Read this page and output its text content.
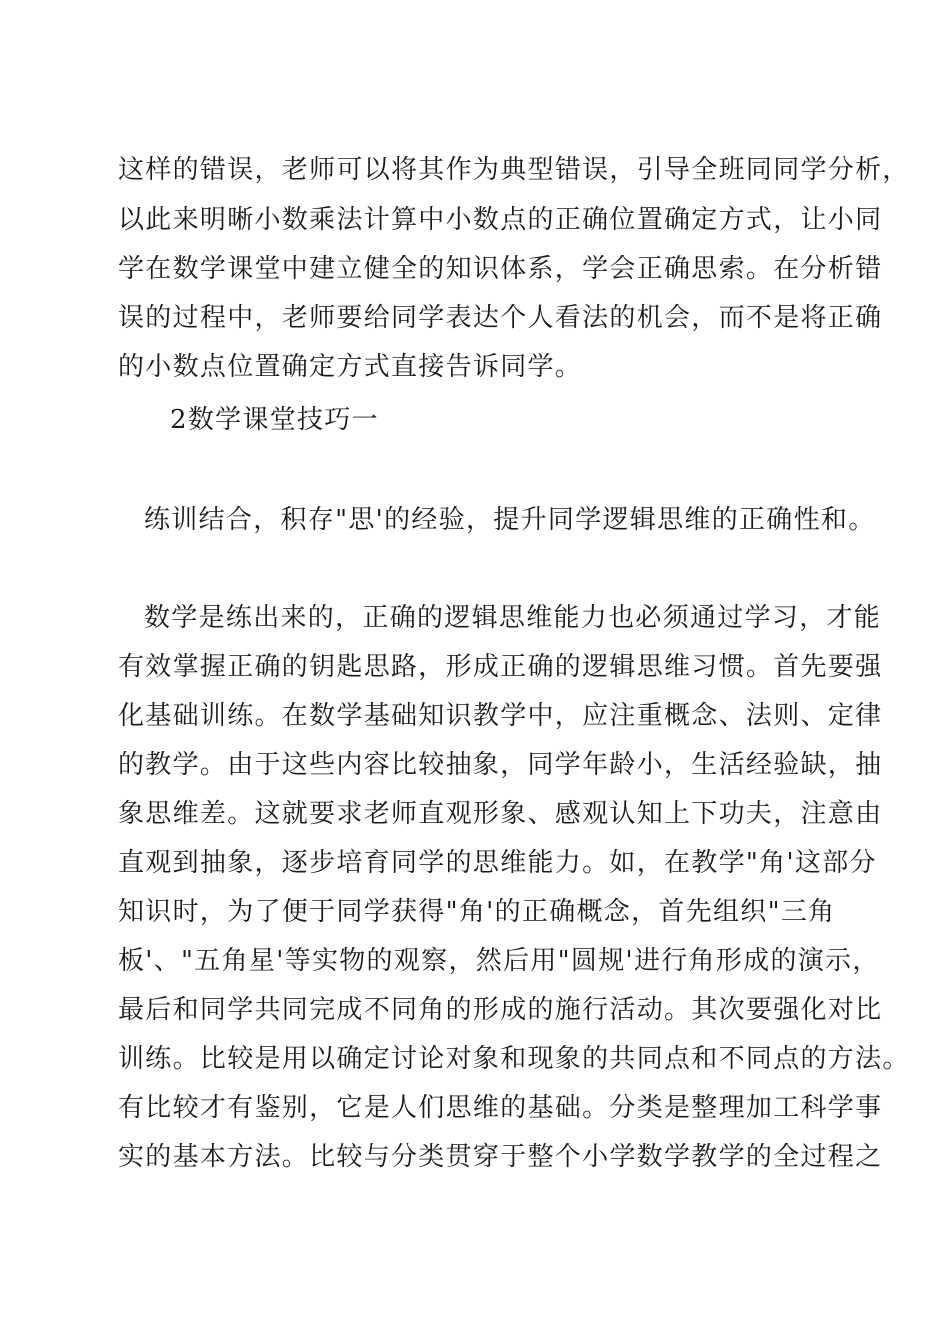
这样的错误，老师可以将其作为典型错误，引导全班同同学分析，
以此来明晰小数乘法计算中小数点的正确位置确定方式，让小同
学在数学课堂中建立健全的知识体系，学会正确思索。在分析错
误的过程中，老师要给同学表达个人看法的机会，而不是将正确
的小数点位置确定方式直接告诉同学。
2数学课堂技巧一
练训结合，积存"思'的经验，提升同学逻辑思维的正确性和。
数学是练出来的，正确的逻辑思维能力也必须通过学习，才能
有效掌握正确的钥匙思路，形成正确的逻辑思维习惯。首先要强
化基础训练。在数学基础知识教学中，应注重概念、法则、定律
的教学。由于这些内容比较抽象，同学年龄小，生活经验缺，抽
象思维差。这就要求老师直观形象、感观认知上下功夫，注意由
直观到抽象，逐步培育同学的思维能力。如，在教学"角'这部分
知识时，为了便于同学获得"角'的正确概念，首先组织"三角
板'、"五角星'等实物的观察，然后用"圆规'进行角形成的演示，
最后和同学共同完成不同角的形成的施行活动。其次要强化对比
训练。比较是用以确定讨论对象和现象的共同点和不同点的方法。
有比较才有鉴别，它是人们思维的基础。分类是整理加工科学事
实的基本方法。比较与分类贯穿于整个小学数学教学的全过程之
